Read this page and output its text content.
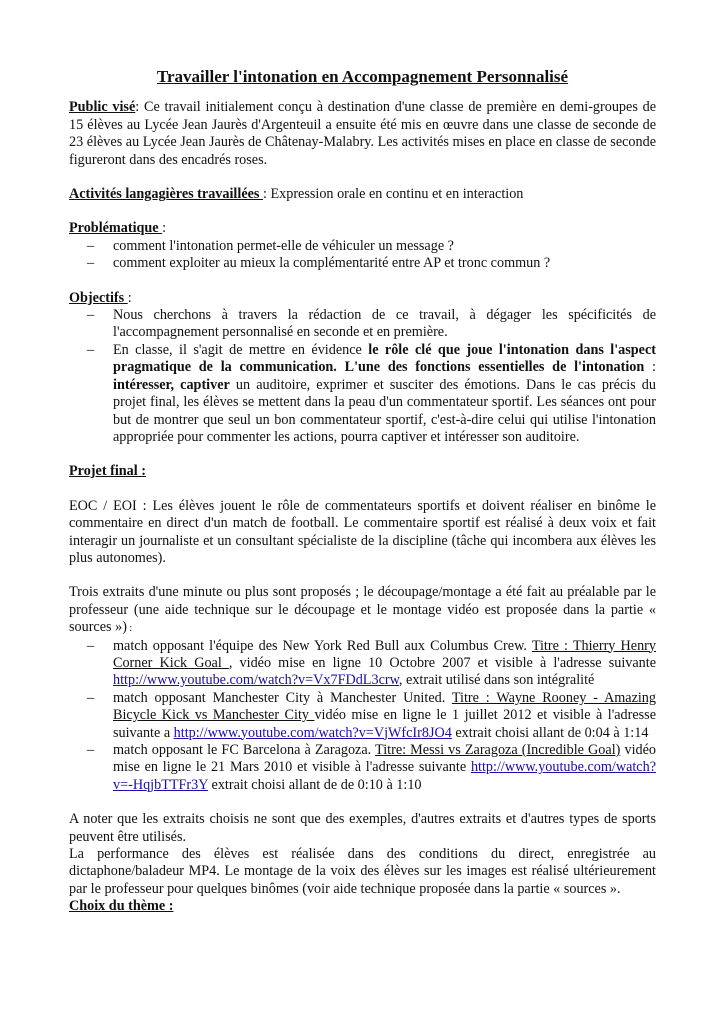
Travailler l'intonation en Accompagnement Personnalisé

Public visé: Ce travail initialement conçu à destination d'une classe de première en demi-groupes de 15 élèves au Lycée Jean Jaurès d'Argenteuil a ensuite été mis en œuvre dans une classe de seconde de 23 élèves au Lycée Jean Jaurès de Châtenay-Malabry. Les activités mises en place en classe de seconde figureront dans des encadrés roses.

Activités langagières travaillées : Expression orale en continu et en interaction

Problématique :

– comment l'intonation permet-elle de véhiculer un message ?
– comment exploiter au mieux la complémentarité entre AP et tronc commun ?

Objectifs :

– Nous cherchons à travers la rédaction de ce travail, à dégager les spécificités de l'accompagnement personnalisé en seconde et en première.
– En classe, il s'agit de mettre en évidence le rôle clé que joue l'intonation dans l'aspect pragmatique de la communication. L'une des fonctions essentielles de l'intonation : intéresser, captiver un auditoire, exprimer et susciter des émotions. Dans le cas précis du projet final, les élèves se mettent dans la peau d'un commentateur sportif. Les séances ont pour but de montrer que seul un bon commentateur sportif, c'est-à-dire celui qui utilise l'intonation appropriée pour commenter les actions, pourra captiver et intéresser son auditoire.

Projet final :

EOC / EOI : Les élèves jouent le rôle de commentateurs sportifs et doivent réaliser en binôme le commentaire en direct d'un match de football. Le commentaire sportif est réalisé à deux voix et fait interagir un journaliste et un consultant spécialiste de la discipline (tâche qui incombera aux élèves les plus autonomes).

Trois extraits d'une minute ou plus sont proposés ; le découpage/montage a été fait au préalable par le professeur (une aide technique sur le découpage et le montage vidéo est proposée dans la partie « sources ») :

– match opposant l'équipe des New York Red Bull aux Columbus Crew. Titre : Thierry Henry Corner Kick Goal , vidéo mise en ligne 10 Octobre 2007 et visible à l'adresse suivante http://www.youtube.com/watch?v=Vx7FDdL3crw, extrait utilisé dans son intégralité
– match opposant Manchester City à Manchester United. Titre : Wayne Rooney - Amazing Bicycle Kick vs Manchester City vidéo mise en ligne le 1 juillet 2012 et visible à l'adresse suivante a http://www.youtube.com/watch?v=VjWfcIr8JO4 extrait choisi allant de 0:04 à 1:14
– match opposant le FC Barcelona à Zaragoza. Titre: Messi vs Zaragoza (Incredible Goal) vidéo mise en ligne le 21 Mars 2010 et visible à l'adresse suivante http://www.youtube.com/watch?v=-HqjbTTFr3Y extrait choisi allant de de 0:10 à 1:10

A noter que les extraits choisis ne sont que des exemples, d'autres extraits et d'autres types de sports peuvent être utilisés.

La performance des élèves est réalisée dans des conditions du direct, enregistrée au dictaphone/baladeur MP4. Le montage de la voix des élèves sur les images est réalisé ultérieurement par le professeur pour quelques binômes (voir aide technique proposée dans la partie « sources ».

Choix du thème :
